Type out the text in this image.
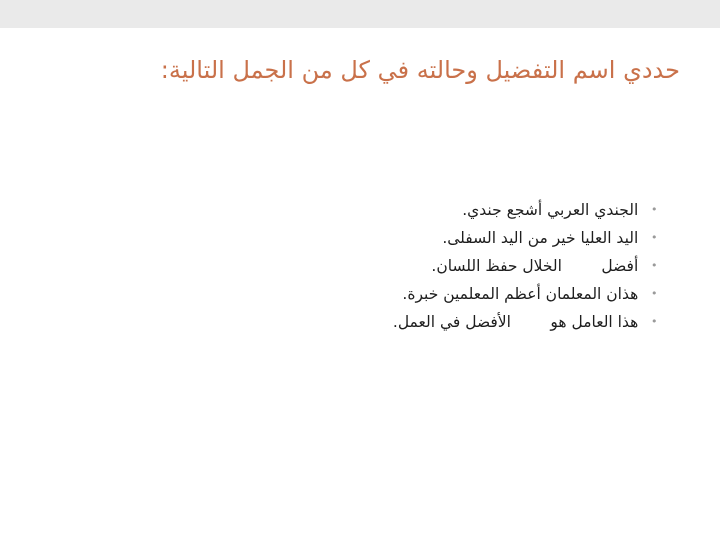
حددي اسم التفضيل وحالته في كل من الجمل التالية:

•الجندي العربي أشجع جندي.

•اليد العليا خير من اليد السفلى.

•أفضل        الخلال حفظ اللسان.

•هذان المعلمان أعظم المعلمين خبرة.

•هذا العامل هو        الأفضل في العمل.
